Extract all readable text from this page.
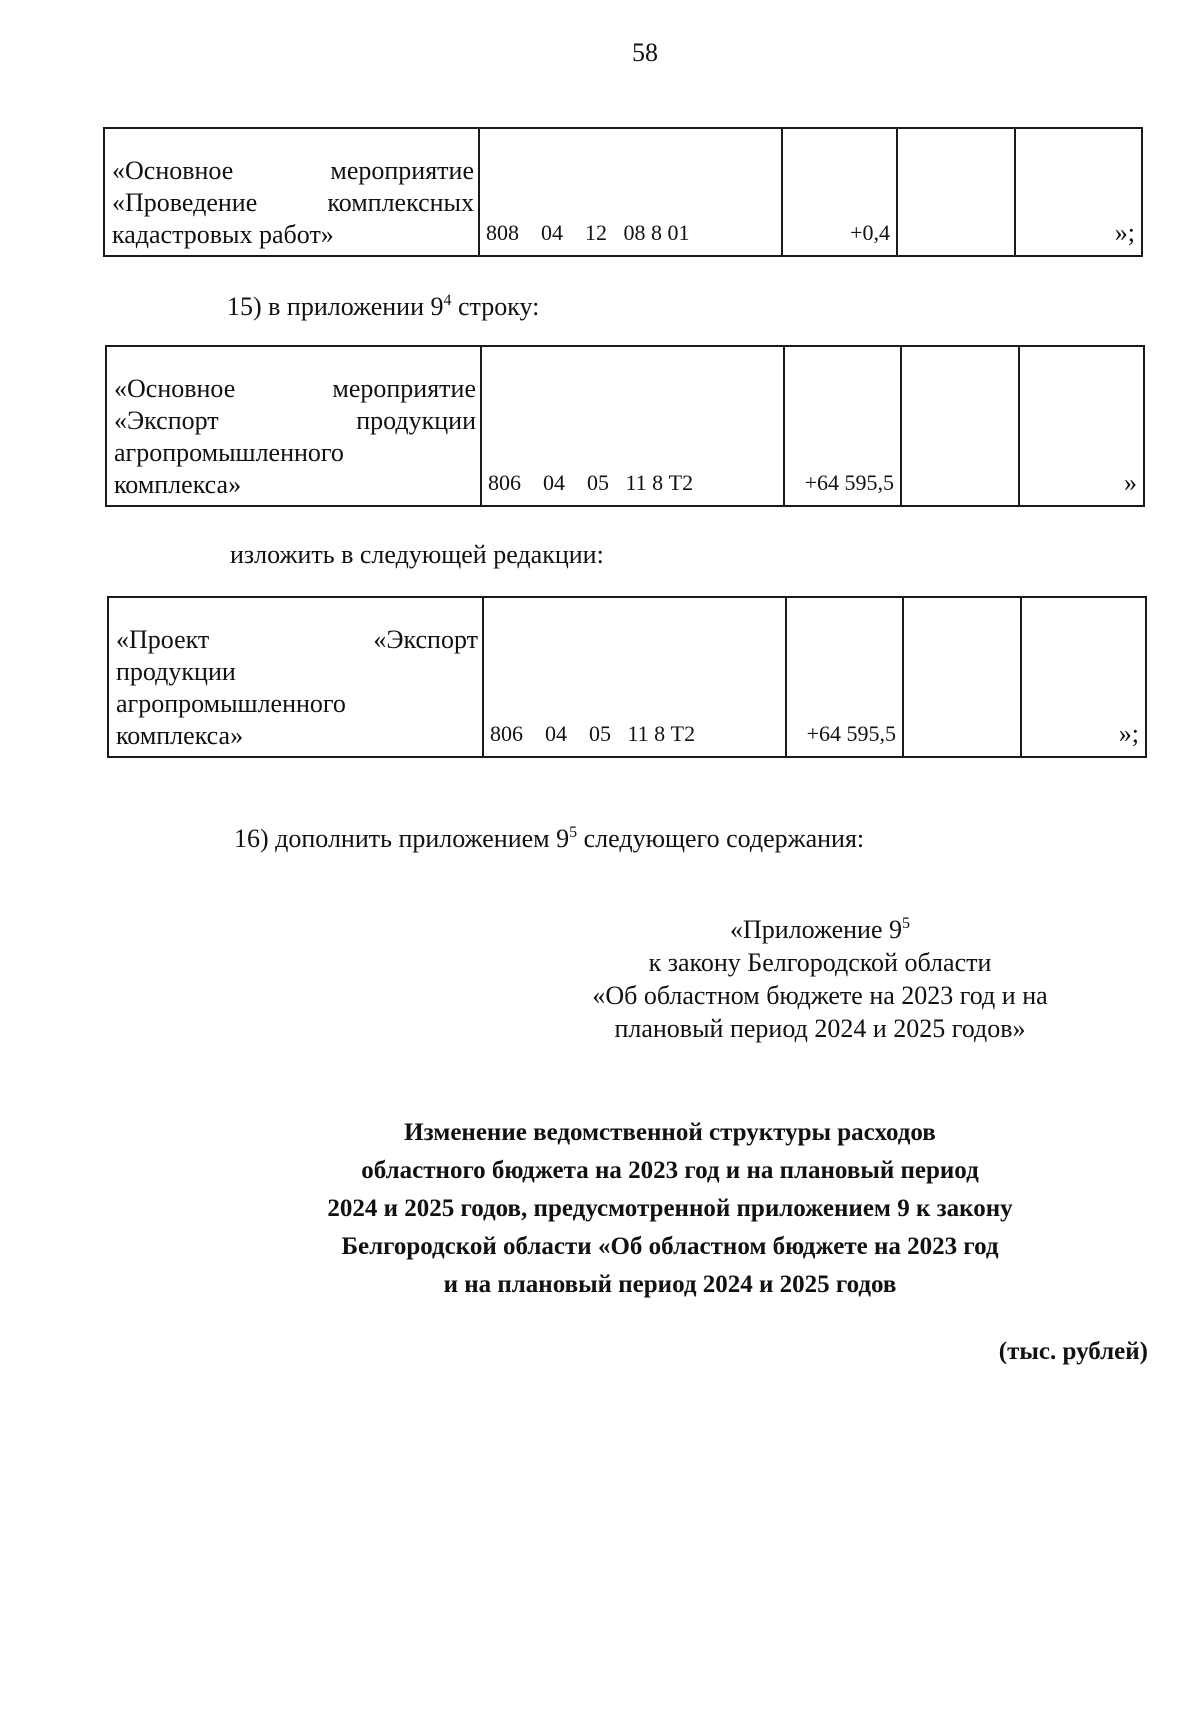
58
«Основное мероприятие
«Проведение комплексных
кадастровых работ»	808    04    12   08 8 01	+0,4		»;
15) в приложении $9^4$ строку:
«Основное мероприятие
«Экспорт продукции
агропромышленного
комплекса»	806    04    05   11 8 Т2	+64 595,5		»
изложить в следующей редакции:
«Проект «Экспорт
продукции
агропромышленного
комплекса»	806    04    05   11 8 Т2	+64 595,5		»;
16) дополнить приложением $9^5$ следующего содержания:
«Приложение $9^5$
к закону Белгородской области
«Об областном бюджете на 2023 год и на
плановый период 2024 и 2025 годов»
Изменение ведомственной структуры расходов
областного бюджета на 2023 год и на плановый период
2024 и 2025 годов, предусмотренной приложением 9 к закону
Белгородской области «Об областном бюджете на 2023 год
и на плановый период 2024 и 2025 годов
(тыс. рублей)
